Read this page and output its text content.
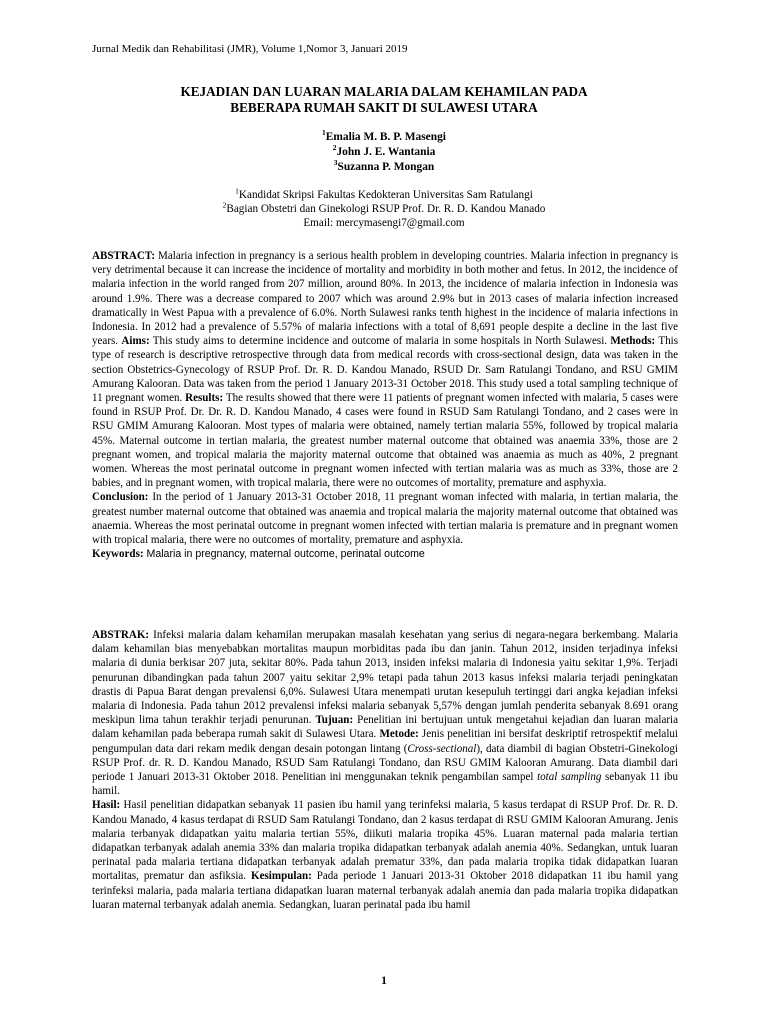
Jurnal Medik dan Rehabilitasi (JMR), Volume 1,Nomor 3, Januari 2019
KEJADIAN DAN LUARAN MALARIA DALAM KEHAMILAN PADA
BEBERAPA RUMAH SAKIT DI SULAWESI UTARA
$^1$Emalia M. B. P. Masengi
$^2$John J. E. Wantania
$^3$Suzanna P. Mongan
$^1$Kandidat Skripsi Fakultas Kedokteran Universitas Sam Ratulangi
$^2$Bagian Obstetri dan Ginekologi RSUP Prof. Dr. R. D. Kandou Manado
Email: mercymasengi7@gmail.com

ABSTRACT: Malaria infection in pregnancy is a serious health problem in developing countries. Malaria infection in pregnancy is very detrimental because it can increase the incidence of mortality and morbidity in both mother and fetus. In 2012, the incidence of malaria infection in the world ranged from 207 million, around 80%. In 2013, the incidence of malaria infection in Indonesia was around 1.9%. There was a decrease compared to 2007 which was around 2.9% but in 2013 cases of malaria infection increased dramatically in West Papua with a prevalence of 6.0%. North Sulawesi ranks tenth highest in the incidence of malaria infections in Indonesia. In 2012 had a prevalence of 5.57% of malaria infections with a total of 8,691 people despite a decline in the last five years. Aims: This study aims to determine incidence and outcome of malaria in some hospitals in North Sulawesi. Methods: This type of research is descriptive retrospective through data from medical records with cross-sectional design, data was taken in the section Obstetrics-Gynecology of RSUP Prof. Dr. R. D. Kandou Manado, RSUD Dr. Sam Ratulangi Tondano, and RSU GMIM Amurang Kalooran. Data was taken from the period 1 January 2013-31 October 2018. This study used a total sampling technique of 11 pregnant women. Results: The results showed that there were 11 patients of pregnant women infected with malaria, 5 cases were found in RSUP Prof. Dr. Dr. R. D. Kandou Manado, 4 cases were found in RSUD Sam Ratulangi Tondano, and 2 cases were in RSU GMIM Amurang Kalooran. Most types of malaria were obtained, namely tertian malaria 55%, followed by tropical malaria 45%. Maternal outcome in tertian malaria, the greatest number maternal outcome that obtained was anaemia 33%, those are 2 pregnant women, and tropical malaria the majority maternal outcome that obtained was anaemia as much as 40%, 2 pregnant women. Whereas the most perinatal outcome in pregnant women infected with tertian malaria was as much as 33%, those are 2 babies, and in pregnant women, with tropical malaria, there were no outcomes of mortality, premature and asphyxia.

Conclusion: In the period of 1 January 2013-31 October 2018, 11 pregnant woman infected with malaria, in tertian malaria, the greatest number maternal outcome that obtained was anaemia and tropical malaria the majority maternal outcome that obtained was anaemia. Whereas the most perinatal outcome in pregnant women infected with tertian malaria is premature and in pregnant women with tropical malaria, there were no outcomes of mortality, premature and asphyxia.

Keywords: Malaria in pregnancy, maternal outcome, perinatal outcome

ABSTRAK: Infeksi malaria dalam kehamilan merupakan masalah kesehatan yang serius di negara-negara berkembang. Malaria dalam kehamilan bias menyebabkan mortalitas maupun morbiditas pada ibu dan janin. Tahun 2012, insiden terjadinya infeksi malaria di dunia berkisar 207 juta, sekitar 80%. Pada tahun 2013, insiden infeksi malaria di Indonesia yaitu sekitar 1,9%. Terjadi penurunan dibandingkan pada tahun 2007 yaitu sekitar 2,9% tetapi pada tahun 2013 kasus infeksi malaria terjadi peningkatan drastis di Papua Barat dengan prevalensi 6,0%. Sulawesi Utara menempati urutan kesepuluh tertinggi dari angka kejadian infeksi malaria di Indonesia. Pada tahun 2012 prevalensi infeksi malaria sebanyak 5,57% dengan jumlah penderita sebanyak 8.691 orang meskipun lima tahun terakhir terjadi penurunan. Tujuan: Penelitian ini bertujuan untuk mengetahui kejadian dan luaran malaria dalam kehamilan pada beberapa rumah sakit di Sulawesi Utara. Metode: Jenis penelitian ini bersifat deskriptif retrospektif melalui pengumpulan data dari rekam medik dengan desain potongan lintang (Cross-sectional), data diambil di bagian Obstetri-Ginekologi RSUP Prof. dr. R. D. Kandou Manado, RSUD Sam Ratulangi Tondano, dan RSU GMIM Kalooran Amurang. Data diambil dari periode 1 Januari 2013-31 Oktober 2018. Penelitian ini menggunakan teknik pengambilan sampel total sampling sebanyak 11 ibu hamil.

Hasil: Hasil penelitian didapatkan sebanyak 11 pasien ibu hamil yang terinfeksi malaria, 5 kasus terdapat di RSUP Prof. Dr. R. D. Kandou Manado, 4 kasus terdapat di RSUD Sam Ratulangi Tondano, dan 2 kasus terdapat di RSU GMIM Kalooran Amurang. Jenis malaria terbanyak didapatkan yaitu malaria tertian 55%, diikuti malaria tropika 45%. Luaran maternal pada malaria tertian didapatkan terbanyak adalah anemia 33% dan malaria tropika didapatkan terbanyak adalah anemia 40%. Sedangkan, untuk luaran perinatal pada malaria tertiana didapatkan terbanyak adalah prematur 33%, dan pada malaria tropika tidak didapatkan luaran mortalitas, prematur dan asfiksia. Kesimpulan: Pada periode 1 Januari 2013-31 Oktober 2018 didapatkan 11 ibu hamil yang terinfeksi malaria, pada malaria tertiana didapatkan luaran maternal terbanyak adalah anemia dan pada malaria tropika didapatkan luaran maternal terbanyak adalah anemia. Sedangkan, luaran perinatal pada ibu hamil

1
